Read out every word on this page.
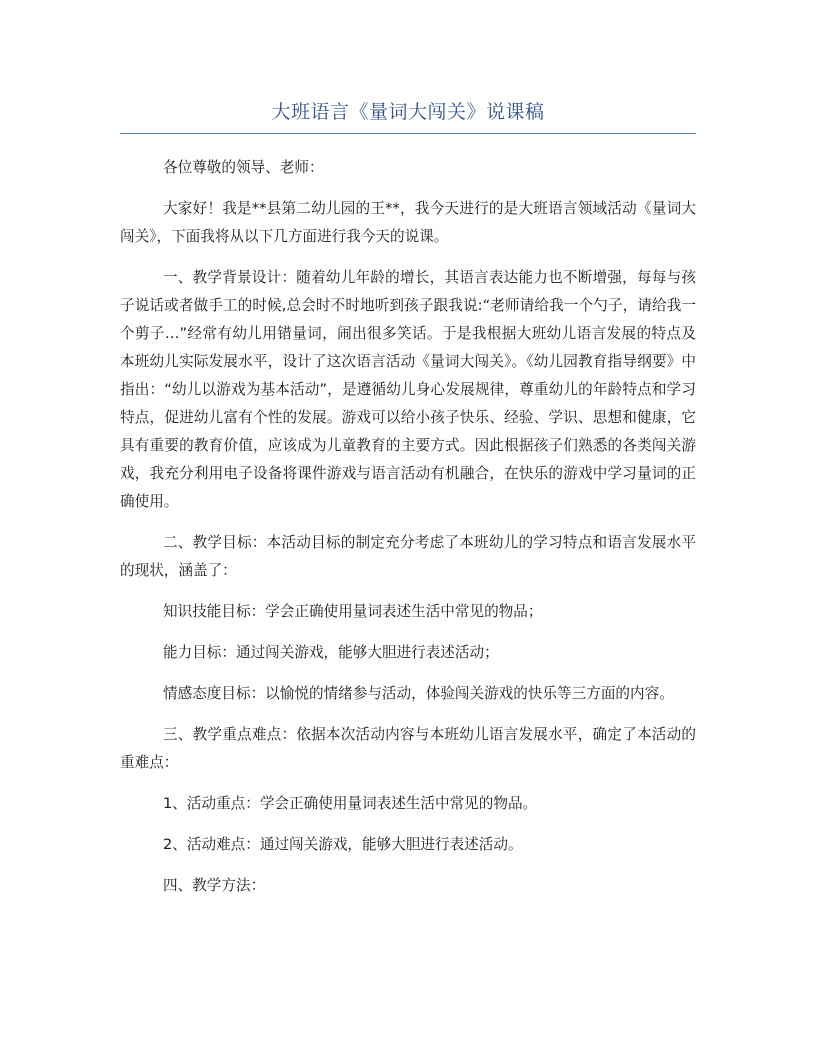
大班语言《量词大闯关》说课稿

各位尊敬的领导、老师：

大家好！我是**县第二幼儿园的王**，我今天进行的是大班语言领域活动《量词大闯关》，下面我将从以下几方面进行我今天的说课。

一、教学背景设计：随着幼儿年龄的增长，其语言表达能力也不断增强，每每与孩子说话或者做手工的时候,总会时不时地听到孩子跟我说:“老师请给我一个勺子，请给我一个剪子…”经常有幼儿用错量词，闹出很多笑话。于是我根据大班幼儿语言发展的特点及本班幼儿实际发展水平，设计了这次语言活动《量词大闯关》。《幼儿园教育指导纲要》中指出：“幼儿以游戏为基本活动”，是遵循幼儿身心发展规律，尊重幼儿的年龄特点和学习特点，促进幼儿富有个性的发展。游戏可以给小孩子快乐、经验、学识、思想和健康，它具有重要的教育价值，应该成为儿童教育的主要方式。因此根据孩子们熟悉的各类闯关游戏，我充分利用电子设备将课件游戏与语言活动有机融合，在快乐的游戏中学习量词的正确使用。

二、教学目标：本活动目标的制定充分考虑了本班幼儿的学习特点和语言发展水平的现状，涵盖了：

知识技能目标：学会正确使用量词表述生活中常见的物品；

能力目标：通过闯关游戏，能够大胆进行表述活动；

情感态度目标：以愉悦的情绪参与活动，体验闯关游戏的快乐等三方面的内容。

三、教学重点难点：依据本次活动内容与本班幼儿语言发展水平，确定了本活动的重难点：

1、活动重点：学会正确使用量词表述生活中常见的物品。

2、活动难点：通过闯关游戏，能够大胆进行表述活动。

四、教学方法：
